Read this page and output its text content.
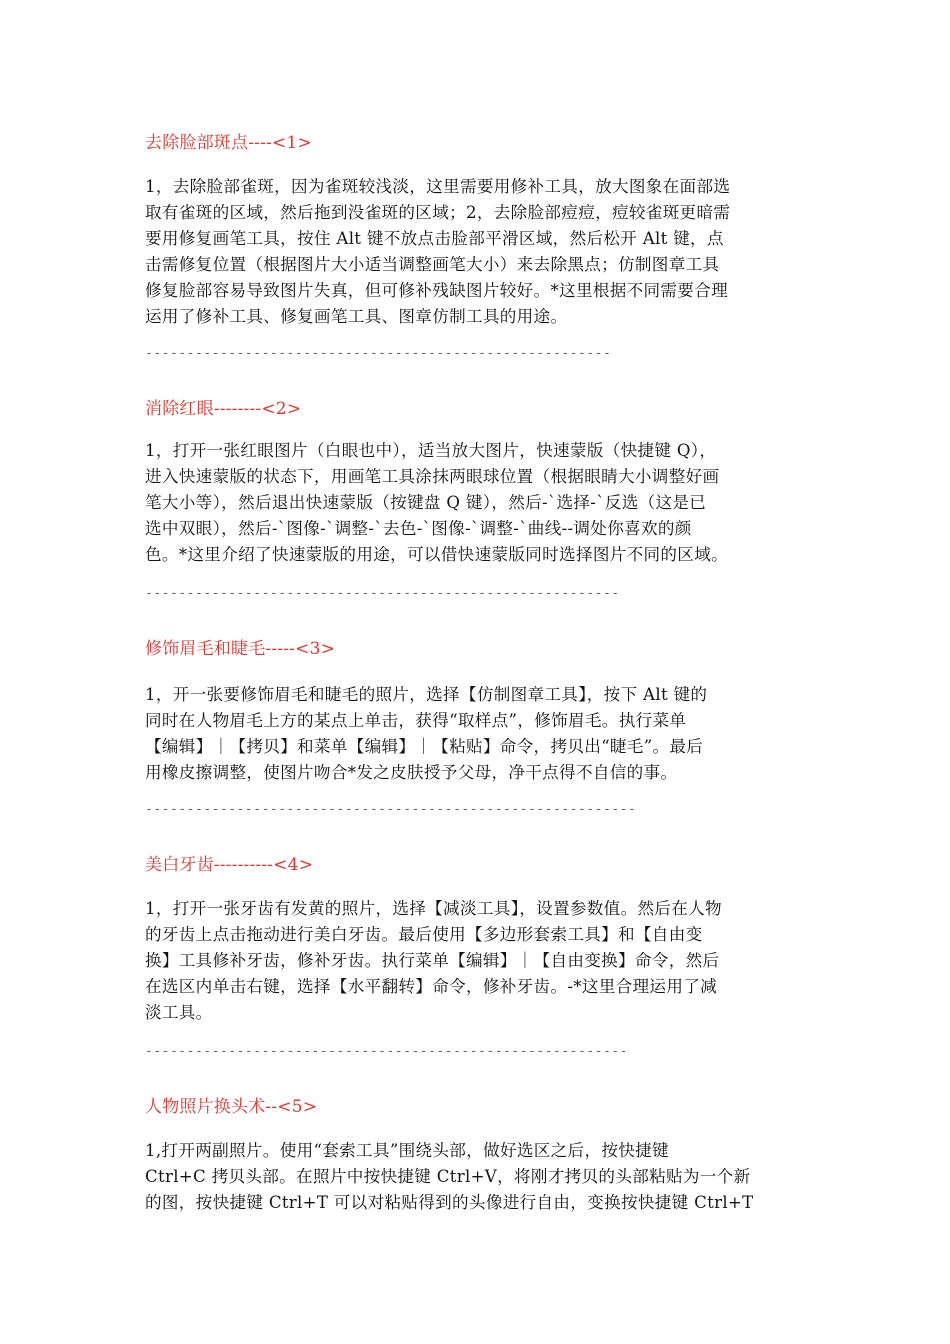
去除脸部斑点----<1>
1，去除脸部雀斑，因为雀斑较浅淡，这里需要用修补工具，放大图象在面部选
取有雀斑的区域，然后拖到没雀斑的区域；2，去除脸部痘痘，痘较雀斑更暗需
要用修复画笔工具，按住 Alt 键不放点击脸部平滑区域，然后松开 Alt 键，点
击需修复位置（根据图片大小适当调整画笔大小）来去除黑点；仿制图章工具
修复脸部容易导致图片失真，但可修补残缺图片较好。*这里根据不同需要合理
运用了修补工具、修复画笔工具、图章仿制工具的用途。
--------------------------------------------------------
消除红眼--------<2>
1，打开一张红眼图片（白眼也中），适当放大图片，快速蒙版（快捷键 Q），
进入快速蒙版的状态下，用画笔工具涂抹两眼球位置（根据眼睛大小调整好画
笔大小等），然后退出快速蒙版（按键盘 Q 键），然后-`选择-`反选（这是已
选中双眼），然后-`图像-`调整-`去色-`图像-`调整-`曲线--调处你喜欢的颜
色。*这里介绍了快速蒙版的用途，可以借快速蒙版同时选择图片不同的区域。
---------------------------------------------------------
修饰眉毛和睫毛-----<3>
1，开一张要修饰眉毛和睫毛的照片，选择【仿制图章工具】，按下 Alt 键的
同时在人物眉毛上方的某点上单击，获得“取样点”，修饰眉毛。执行菜单
【编辑】｜【拷贝】和菜单【编辑】｜【粘贴】命令，拷贝出“睫毛”。最后
用橡皮擦调整，使图片吻合*发之皮肤授予父母，净干点得不自信的事。
-----------------------------------------------------------
美白牙齿----------<4>
1，打开一张牙齿有发黄的照片，选择【减淡工具】，设置参数值。然后在人物
的牙齿上点击拖动进行美白牙齿。最后使用【多边形套索工具】和【自由变
换】工具修补牙齿，修补牙齿。执行菜单【编辑】｜【自由变换】命令，然后
在选区内单击右键，选择【水平翻转】命令，修补牙齿。-*这里合理运用了减
淡工具。
----------------------------------------------------------
人物照片换头术--<5>
1,打开两副照片。使用“套索工具”围绕头部，做好选区之后，按快捷键
Ctrl+C 拷贝头部。在照片中按快捷键 Ctrl+V，将刚才拷贝的头部粘贴为一个新
的图，按快捷键 Ctrl+T 可以对粘贴得到的头像进行自由，变换按快捷键 Ctrl+T
